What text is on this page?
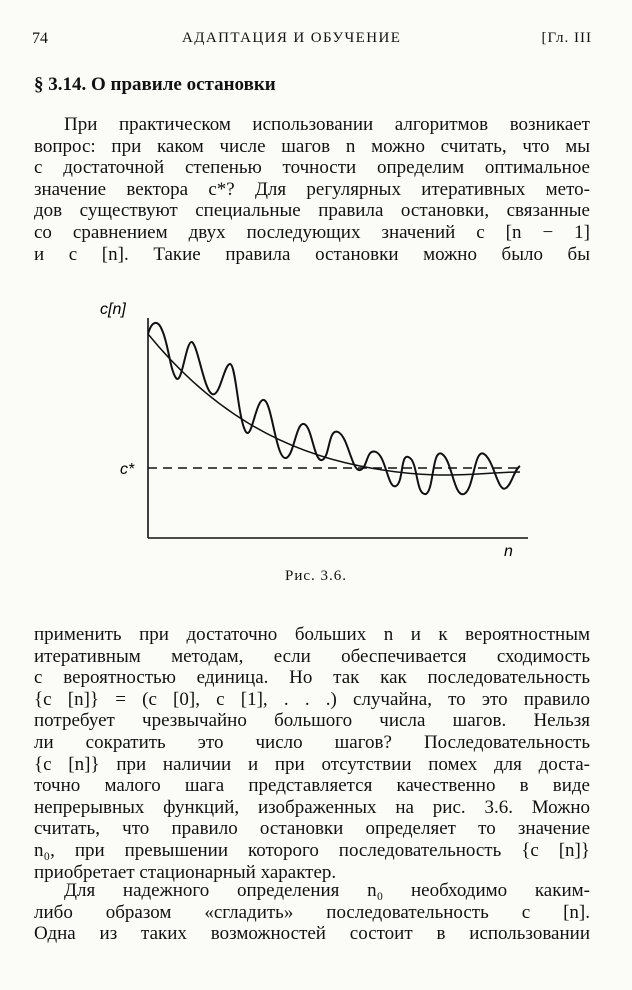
74	АДАПТАЦИЯ И ОБУЧЕНИЕ	[Гл. III
§ 3.14. О правиле остановки
При практическом использовании алгоритмов возникает
вопрос: при каком числе шагов n можно считать, что мы
с достаточной степенью точности определим оптимальное
значение вектора c*? Для регулярных итеративных мето-
дов существуют специальные правила остановки, связанные
со сравнением двух последующих значений c [n − 1]
и c [n]. Такие правила остановки можно было бы
c[n]
n
c*
Рис. 3.6.
применить при достаточно больших n и к вероятностным
итеративным методам, если обеспечивается сходимость
с вероятностью единица. Но так как последовательность
{c [n]} = (c [0], c [1], . . .) случайна, то это правило
потребует чрезвычайно большого числа шагов. Нельзя
ли сократить это число шагов? Последовательность
{c [n]} при наличии и при отсутствии помех для доста-
точно малого шага представляется качественно в виде
непрерывных функций, изображенных на рис. 3.6. Можно
считать, что правило остановки определяет то значение
n₀, при превышении которого последовательность {c [n]}
приобретает стационарный характер.
Для надежного определения n₀ необходимо каким-
либо образом «сгладить» последовательность c [n].
Одна из таких возможностей состоит в использовании
